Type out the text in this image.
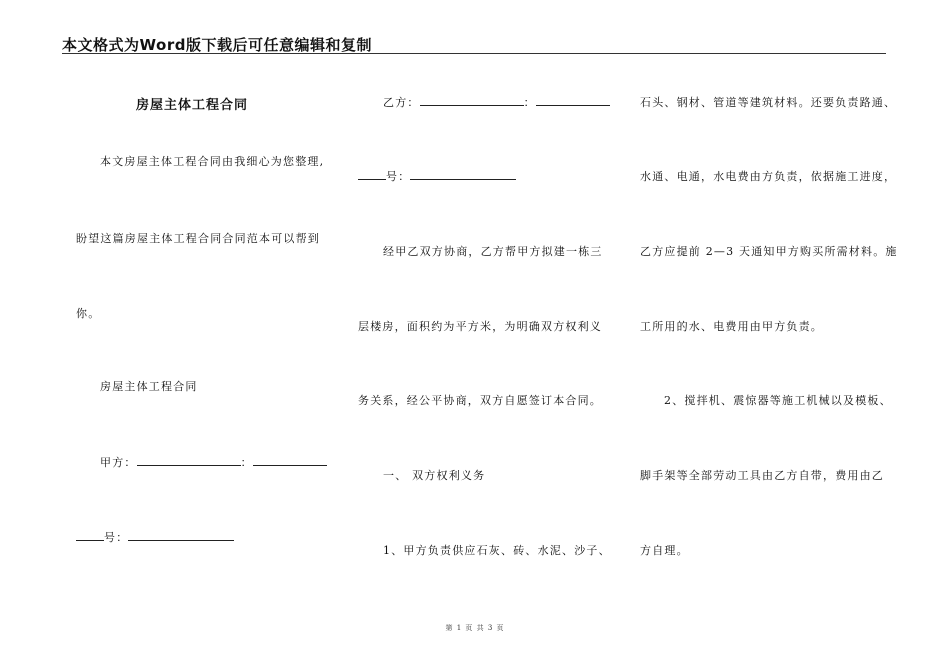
本文格式为Word版下载后可任意编辑和复制
房屋主体工程合同
本文房屋主体工程合同由我细心为您整理,
盼望这篇房屋主体工程合同合同范本可以帮到
你。
房屋主体工程合同
甲方：	：
号：
乙方：	：
号：
经甲乙双方协商，乙方帮甲方拟建一栋三
层楼房，面积约为平方米，为明确双方权利义
务关系，经公平协商，双方自愿签订本合同。
一、 双方权利义务
1、甲方负责供应石灰、砖、水泥、沙子、
石头、钢材、管道等建筑材料。还要负责路通、
水通、电通，水电费由方负责，依据施工进度，
乙方应提前 2—3 天通知甲方购买所需材料。施
工所用的水、电费用由甲方负责。
2、搅拌机、震惊器等施工机械以及模板、
脚手架等全部劳动工具由乙方自带，费用由乙
方自理。
第 1 页 共 3 页
